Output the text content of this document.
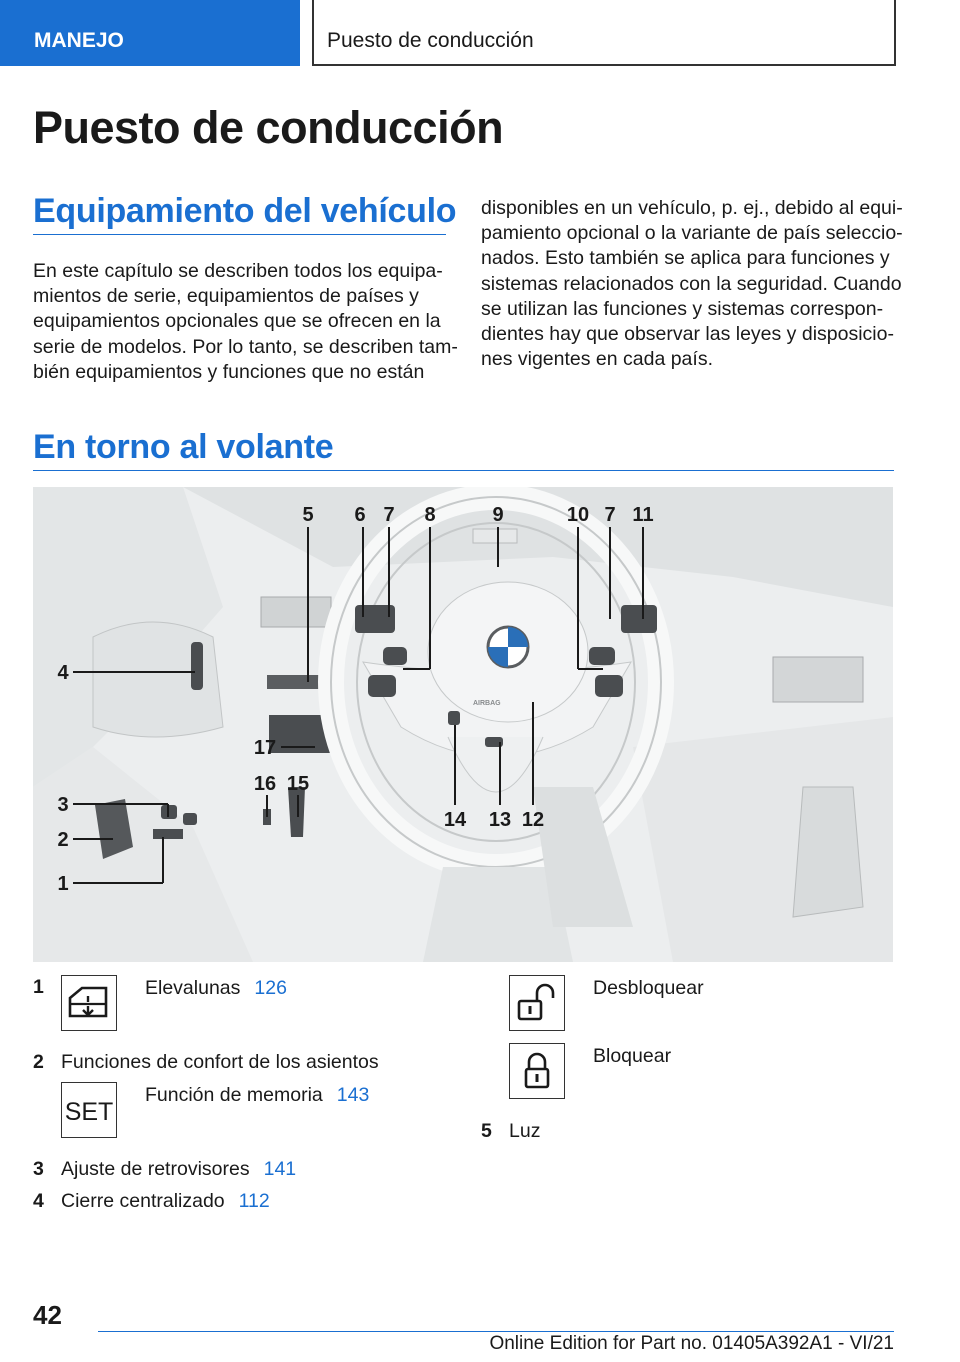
MANEJO	Puesto de conducción
Puesto de conducción
Equipamiento del vehículo
En este capítulo se describen todos los equipa-
mientos de serie, equipamientos de países y
equipamientos opcionales que se ofrecen en la
serie de modelos. Por lo tanto, se describen tam-
bién equipamientos y funciones que no están
disponibles en un vehículo, p. ej., debido al equi-
pamiento opcional o la variante de país seleccio-
nados. Esto también se aplica para funciones y
sistemas relacionados con la seguridad. Cuando
se utilizan las funciones y sistemas correspon-
dientes hay que observar las leyes y disposicio-
nes vigentes en cada país.
En torno al volante
AIRBAG
5 6 7 8	9	10 7 11
4
17
16 15
3
2
1
14 13 12
1	Elevalunas 126
2 Funciones de confort de los asientos
SET
Función de memoria 143
3 Ajuste de retrovisores 141
4 Cierre centralizado 112
Desbloquear
Bloquear
5 Luz
42
Online Edition for Part no. 01405A392A1 - VI/21
